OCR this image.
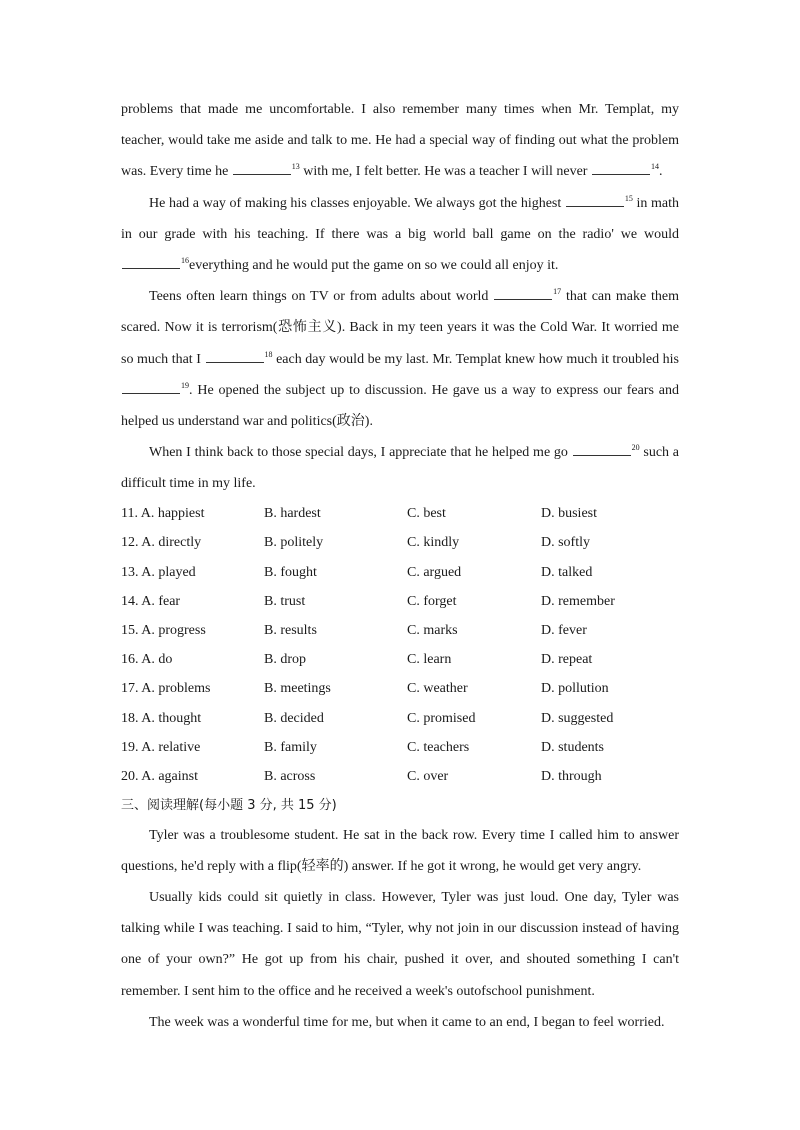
problems that made me uncomfortable. I also remember many times when Mr. Templat, my teacher, would take me aside and talk to me. He had a special way of finding out what the problem was. Every time he	$^{13}$ with me, I felt better. He was a teacher I will never	$^{14}$.

He had a way of making his classes enjoyable. We always got the highest	$^{15}$ in math in our grade with his teaching. If there was a big world ball game on the radio' we would $^{16}$everything and he would put the game on so we could all enjoy it.

Teens often learn things on TV or from adults about world	$^{17}$ that can make them scared. Now it is terrorism(恐怖主义). Back in my teen years it was the Cold War. It worried me so much that I	$^{18}$ each day would be my last. Mr. Templat knew how much it troubled his $^{19}$. He opened the subject up to discussion. He gave us a way to express our fears and helped us understand war and politics(政治).

When I think back to those special days, I appreciate that he helped me go	$^{20}$ such a difficult time in my life.

11. A. happiest	B. hardest	C. best	D. busiest
12. A. directly	B. politely	C. kindly	D. softly
13. A. played	B. fought	C. argued	D. talked
14. A. fear	B. trust	C. forget	D. remember
15. A. progress	B. results	C. marks	D. fever
16. A. do	B. drop	C. learn	D. repeat
17. A. problems	B. meetings	C. weather	D. pollution
18. A. thought	B. decided	C. promised	D. suggested
19. A. relative	B. family	C. teachers	D. students
20. A. against	B. across	C. over	D. through
三、阅读理解(每小题 3 分, 共 15 分)

Tyler was a troublesome student. He sat in the back row. Every time I called him to answer questions, he'd reply with a flip(轻率的) answer. If he got it wrong, he would get very angry.

Usually kids could sit quietly in class. However, Tyler was just loud. One day, Tyler was talking while I was teaching. I said to him, “Tyler, why not join in our discussion instead of having one of your own?” He got up from his chair, pushed it over, and shouted something I can't remember. I sent him to the office and he received a week's outofschool punishment.

The week was a wonderful time for me, but when it came to an end, I began to feel worried.
